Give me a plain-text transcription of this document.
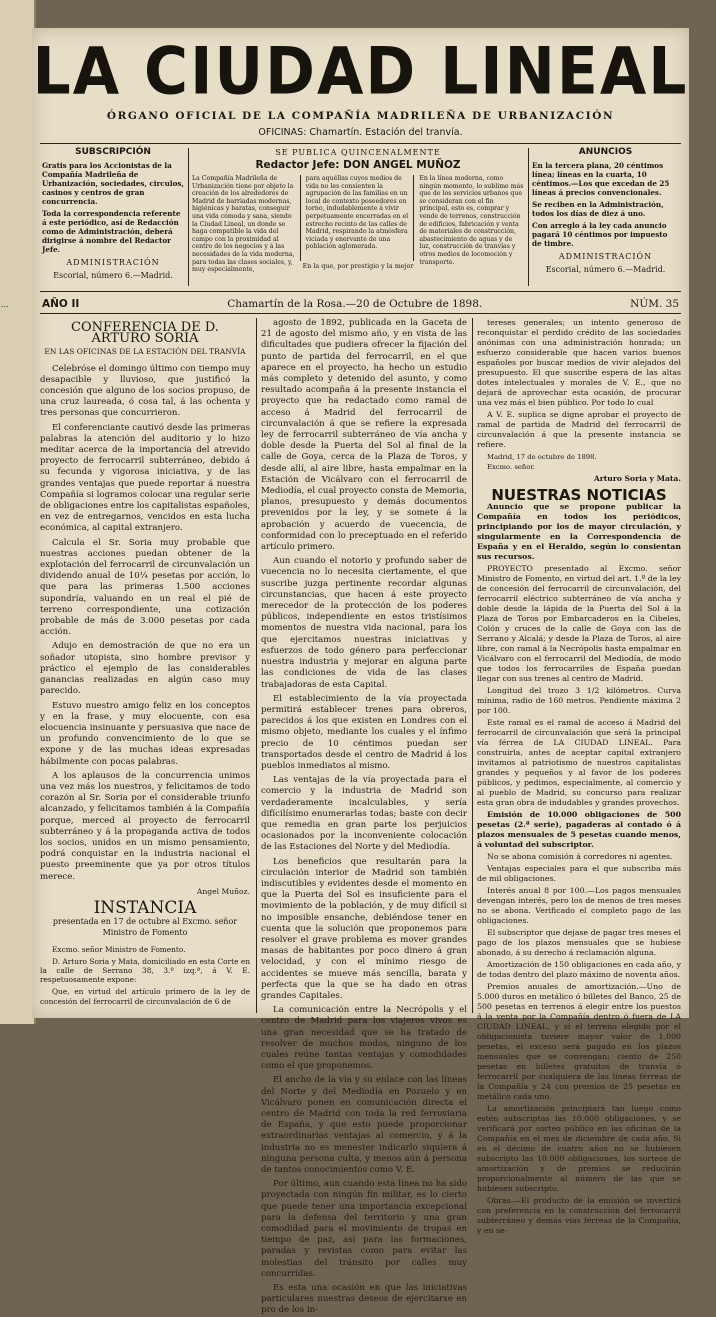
...
LA CIUDAD LINEAL
ÓRGANO OFICIAL DE LA COMPAÑÍA MADRILEÑA DE URBANIZACIÓN
OFICINAS: Chamartín. Estación del tranvía.
SUBSCRIPCIÓN

Gratis para los Accionistas de la Compañía Madrileña de Urbanización, sociedades, circulos, casinos y centros de gran concurrencia.

Toda la correspondencia referente á este periódico, así de Redacción como de Administración, deberá dirigirse á nombre del Redactor Jefe.

ADMINISTRACIÓN
Escorial, número 6.—Madrid.
SE PUBLICA QUINCENALMENTE
Redactor Jefe: DON ANGEL MUÑOZ
La Compañía Madrileña de Urbanización tiene por objeto la creación de los alrededores de Madrid de barriadas modernas, higiénicas y baratas, conseguir una vida cómoda y sana, siendo la Ciudad Lineal, un donde se haga compatible la vida del campo con la proximidad al centro de los negocios y á las necesidades de la vida moderna, para todas las clases sociales, y, muy especialmente,
para aquéllas cuyos medios de vida no les consienten la agrupación de las familias en un local de contexto poseedores en torno, indudablemente á vivir perpetuamente encerradas en el estrecho recinto de las calles de Madrid, respirando la atmósfera viciada y enervante de una población aglomerada.
En la línea moderna, como ningún momento, lo sublime más que de los servicios urbanos que se consideran con el fin principal, esto es, comprar y vende de terrenos, construcción de edificios, fabricación y venta de materiales de construcción, abastecimiento de aguas y de luz, construcción de tranvías y otros medios de locomoción y transporte.
En la que, por prestigio y la mejor
ANUNCIOS

En la tercera plana, 20 céntimos línea; líneas en la cuarta, 10 céntimos.—Los que excedan de 25 líneas á precios convencionales.

Se reciben en la Administración, todos los días de diez á uno.

Con arreglo á la ley cada anuncio pagará 10 céntimos por impuesto de timbre.

ADMINISTRACIÓN
Escorial, número 6.—Madrid.
AÑO II	Chamartín de la Rosa.—20 de Octubre de 1898.	NÚM. 35
CONFERENCIA DE D. ARTURO SORIA
EN LAS OFICINAS DE LA ESTACIÓN DEL TRANVÍA

Celebróse el domingo último con tiempo muy desapacible y lluvioso, que justificó la concesión que alguno de los socios propuso, de una cruz laureada, ó cosa tal, á las ochenta y tres personas que concurrieron.

El conferenciante cautivó desde las primeras palabras la atención del auditorio y lo hizo meditar acerca de la importancia del atrevido proyecto de ferrocarril subterráneo, debido á su fecunda y vigorosa iniciativa, y de las grandes ventajas que puede reportar á nuestra Compañía si logramos colocar una regular serie de obligaciones entre los capitalistas españoles, en vez de entregarnos, vencidos en esta lucha económica, al capital extranjero.

Calcula el Sr. Soria muy probable que nuestras acciones puedan obtener de la explotación del ferrocarril de circunvalación un dividendo anual de 10¼ pesetas por acción, lo que para las primeras 1.500 acciones supondría, valuando en un real el pié de terreno correspondiente, una cotización probable de más de 3.000 pesetas por cada acción.

Adujo en demostración de que no era un soñador utopista, sino hombre previsor y práctico el ejemplo de las considerables ganancias realizadas en algún caso muy parecido.

Estuvo nuestro amigo feliz en los conceptos y en la frase, y muy elocuente, con esa elocuencia insinuante y persuasiva que nace de un profundo convencimiento de lo que se expone y de las muchas ideas expresadas hábilmente con pocas palabras.

A los aplausos de la concurrencia unimos una vez más los nuestros, y felicitamos de todo corazón al Sr. Soria por el considerable triunfo alcanzado, y felicitamos también á la Compañía porque, merced al proyecto de ferrocarril subterráneo y á la propaganda activa de todos los socios, unidos en un mismo pensamiento, podrá conquistar en la industria nacional el puesto preeminente que ya por otros títulos merece.

Angel Muñoz.
INSTANCIA
presentada en 17 de octubre al Excmo. señor Ministro de Fomento

Excmo. señor Ministro de Fomento.

D. Arturo Soria y Mata, domiciliado en esta Corte en la calle de Serrano 38, 3.º izq.ª, á V. E. respetuosamente expone:

Que, en virtud del artículo primero de la ley de concesión del ferrocarril de circunvalación de 6 de

agosto de 1892, publicada en la Gaceta de 21 de agosto del mismo año, y en vista de las dificultades que pudiera ofrecer la fijación del punto de partida del ferrocarril, en el que aparece en el proyecto, ha hecho un estudio más completo y detenido del asunto, y como resultado acompaña á la presente instancia el proyecto que ha redactado como ramal de acceso á Madrid del ferrocarril de circunvalación á que se refiere la expresada ley de ferrocarril subterráneo de vía ancha y doble desde la Puerta del Sol al final de la calle de Goya, cerca de la Plaza de Toros, y desde allí, al aire libre, hasta empalmar en la Estación de Vicálvaro con el ferrocarril de Mediodía, el cual proyecto consta de Memoria, planos, presupuesto y demás documentos prevenidos por la ley, y se somete á la aprobación y acuerdo de vuecencia, de conformidad con lo preceptuado en el referido artículo primero.

Aun cuando el notorio y profundo saber de vuecencia no lo necesita ciertamente, el que suscribe juzga pertinente recordar algunas circunstancias, que hacen á este proyecto merecedor de la protección de los poderes públicos, independiente en estos tristísimos momentos de nuestra vida nacional, para los que ejercitamos nuestras iniciativas y esfuerzos de todo género para perfeccionar nuestra industria y mejorar en alguna parte las condiciones de vida de las clases trabajadoras de esta Capital.

El establecimiento de la vía proyectada permitirá establecer trenes para obreros, parecidos á los que existen en Londres con el mismo objeto, mediante los cuales y el ínfimo precio de 10 céntimos puedan ser transportados desde el centro de Madrid á los pueblos inmediatos al mismo.

Las ventajas de la vía proyectada para el comercio y la industria de Madrid son verdaderamente incalculables, y sería difícilísimo enumerarlas todas; baste con decir que remedia en gran parte los perjuicios ocasionados por la inconveniente colocación de las Estaciones del Norte y del Mediodía.

Los beneficios que resultarán para la circulación interior de Madrid son también indiscutibles y evidentes desde el momento en que la Puerta del Sol es insuficiente para el movimiento de la población, y de muy difícil si no imposible ensanche, debiéndose tener en cuenta que la solución que proponemos para resolver el grave problema es mover grandes masas de habitantes por poco dinero á gran velocidad, y con el mínimo riesgo de accidentes se mueve más sencilla, barata y perfecta que la que se ha dado en otras grandes Capitales.

La comunicación entre la Necrópolis y el centro de Madrid para los viajeros vivos es una gran necesidad que se ha tratado de resolver de muchos modos, ninguno de los cuales reúne tantas ventajas y comodidades como el que proponemos.

El ancho de la vía y su enlace con las líneas del Norte y del Mediodía en Pozuelo y en Vicálvaro ponen en comunicación directa el centro de Madrid con toda la red ferroviaria de España, y que esto puede proporcionar extraordinarias ventajas al comercio, y á la industria no es menester indicarlo siquiera á ninguna persona culta, y menos aún á persona de tantos conocimientos como V. E.

Por último, aun cuando esta línea no ha sido proyectada con ningún fin militar, es lo cierto que puede tener una importancia excepcional para la defensa del territorio y una gran comodidad para el movimiento de tropas en tiempo de paz, así para las formaciones, paradas y revistas como para evitar las molestias del tránsito por calles muy concurridas.

Es esta una ocasión en que las iniciativas particulares nuestras deseos de ejercitarse en pro de los in-

tereses generales; un intento generoso de reconquistar el perdido crédito de las sociedades anónimas con una administración honrada; un esfuerzo considerable que hacen varios buenos españoles por buscar medios de vivir alejados del presupuesto. El que suscribe espera de las altas dotes intelectuales y morales de V. E., que no dejará de aprovechar esta ocasión, de procurar una vez más el bien público. Por todo lo cual

A V. E. suplica se digne aprobar el proyecto de ramal de partida de Madrid del ferrocarril de circunvalación á que la presente instancia se refiere.

Madrid, 17 de octubre de 1898.
Excmo. señor.
Arturo Soria y Mata.
NUESTRAS NOTICIAS

Anuncio que se propone publicar la Compañía en todos los periódicos, principiando por los de mayor circulación, y singularmente en la Correspondencia de España y en el Heraldo, según lo consientan sus recursos.

PROYECTO presentado al Excmo. señor Ministro de Fomento, en virtud del art. 1.º de la ley de concesión del ferrocarril de circunvalación, del ferrocarril eléctrico subterráneo de vía ancha y doble desde la lápida de la Puerta del Sol á la Plaza de Toros por Embarcaderos en la Cibeles, Colón y cruces de la calle de Goya con las de Serrano y Alcalá; y desde la Plaza de Toros, al aire libre, con ramal á la Necrópolis hasta empalmar en Vicálvaro con el ferrocarril del Mediodía, de modo que todos los ferrocarriles de España puedan llegar con sus trenes al centro de Madrid.

Longitud del trozo 3 1/2 kilómetros. Curva mínima, radio de 160 metros. Pendiente máxima 2 por 100.

Este ramal es el ramal de acceso á Madrid del ferrocarril de circunvalación que será la principal vía férrea de LA CIUDAD LINEAL. Para construirla, antes de aceptar capital extranjero invitamos al patriotismo de nuestros capitalistas grandes y pequeños y al favor de los poderes públicos, y pedimos, especialmente, al comercio y al pueblo de Madrid, su concurso para realizar esta gran obra de indudables y grandes provechos.

Emisión de 10.000 obligaciones de 500 pesetas (2.ª serie), pagaderas al contado ó á plazos mensuales de 5 pesetas cuando menos, á voluntad del subscriptor.

No se abona comisión á corredores ni agentes.

Ventajas especiales para el que subscriba más de mil obligaciones.

Interés anual 8 por 100.—Los pagos mensuales devengan interés, pero los de menos de tres meses no se abona. Verificado el completo pago de las obligaciones.

El subscriptor que dejase de pagar tres meses el pago de los plazos mensuales que se hubiese abonado, á su derecho á reclamación alguna.

Amortización de 150 obligaciones en cada año, y de todas dentro del plazo máximo de noventa años.

Premios anuales de amortización.—Uno de 5.000 duros en metálico ó billetes del Banco, 25 de 500 pesetas en terrenos á elegir entre los puestos á la venta por la Compañía dentro ó fuera de LA CIUDAD LINEAL, y si el terreno elegido por el obligacionista tuviere mayor valor de 1.000 pesetas, el exceso será pagado en los plazos mensuales que se convengan; ciento de 250 pesetas en billetes gratuitos de tranvía ó ferrocarril por cualquiera de las líneas férreas de la Compañía y 24 con premios de 25 pesetas en metálico cada uno.

La amortización principiará tan luego como estén subscriptas las 10.000 obligaciones, y se verificará por sorteo público en las oficinas de la Compañía en el mes de diciembre de cada año. Si en el décimo de cuatro años no se hubiesen subscripto las 10.000 obligaciones, los sorteos de amortización y de premios se reducirán proporcionalmente al número de las que se hubiesen subscripto.

Obras.—El producto de la emisión se invertirá con preferencia en la construcción del ferrocarril subterráneo y demás vías férreas de la Compañía, y en se-
